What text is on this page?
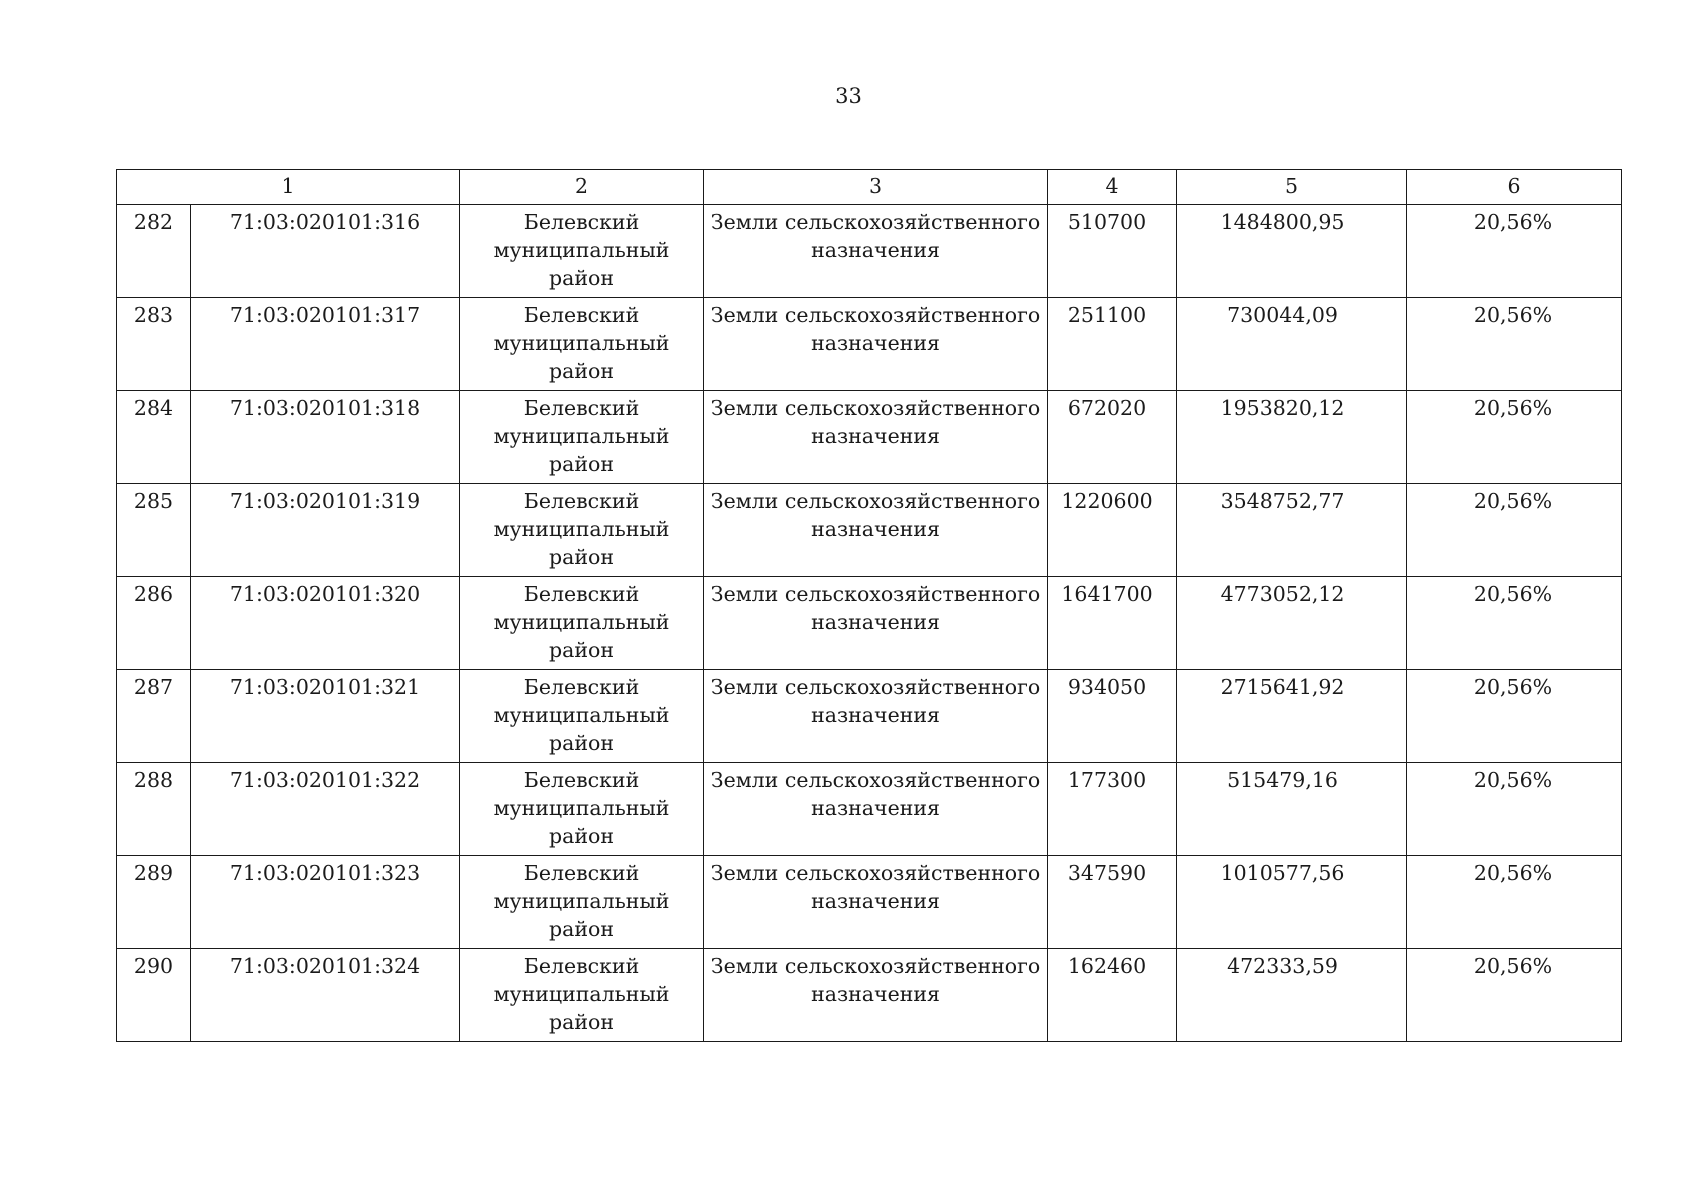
33
1		2	3	4	5	6
282	71:03:020101:316	Белевский
муниципальный
район	Земли сельскохозяйственного
назначения	510700	1484800,95	20,56%
283	71:03:020101:317	Белевский
муниципальный
район	Земли сельскохозяйственного
назначения	251100	730044,09	20,56%
284	71:03:020101:318	Белевский
муниципальный
район	Земли сельскохозяйственного
назначения	672020	1953820,12	20,56%
285	71:03:020101:319	Белевский
муниципальный
район	Земли сельскохозяйственного
назначения	1220600	3548752,77	20,56%
286	71:03:020101:320	Белевский
муниципальный
район	Земли сельскохозяйственного
назначения	1641700	4773052,12	20,56%
287	71:03:020101:321	Белевский
муниципальный
район	Земли сельскохозяйственного
назначения	934050	2715641,92	20,56%
288	71:03:020101:322	Белевский
муниципальный
район	Земли сельскохозяйственного
назначения	177300	515479,16	20,56%
289	71:03:020101:323	Белевский
муниципальный
район	Земли сельскохозяйственного
назначения	347590	1010577,56	20,56%
290	71:03:020101:324	Белевский
муниципальный
район	Земли сельскохозяйственного
назначения	162460	472333,59	20,56%
